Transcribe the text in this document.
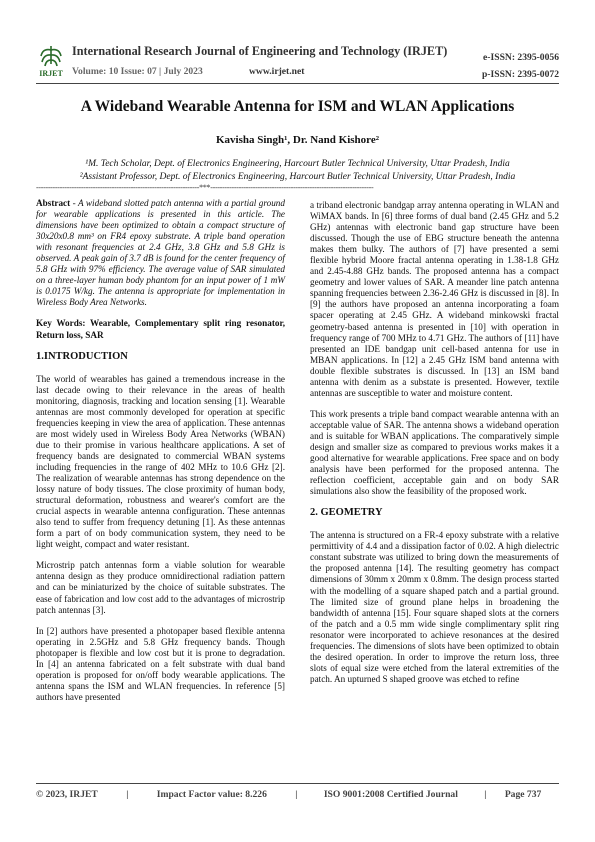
IRJET
International Research Journal of Engineering and Technology (IRJET)
Volume: 10 Issue: 07 | July 2023	www.irjet.net
e-ISSN: 2395-0056
p-ISSN: 2395-0072
A Wideband Wearable Antenna for ISM and WLAN Applications
Kavisha Singh¹, Dr. Nand Kishore²
¹M. Tech Scholar, Dept. of Electronics Engineering, Harcourt Butler Technical University, Uttar Pradesh, India
²Assistant Professor, Dept. of Electronics Engineering, Harcourt Butler Technical University, Uttar Pradesh, India
---------------------------------------------------------------------***---------------------------------------------------------------------

Abstract - A wideband slotted patch antenna with a partial ground for wearable applications is presented in this article. The dimensions have been optimized to obtain a compact structure of 30x20x0.8 mm³ on FR4 epoxy substrate. A triple band operation with resonant frequencies at 2.4 GHz, 3.8 GHz and 5.8 GHz is observed. A peak gain of 3.7 dB is found for the center frequency of 5.8 GHz with 97% efficiency. The average value of SAR simulated on a three-layer human body phantom for an input power of 1 mW is 0.0175 W/kg. The antenna is appropriate for implementation in Wireless Body Area Networks.

Key Words: Wearable, Complementary split ring resonator, Return loss, SAR

1.INTRODUCTION

The world of wearables has gained a tremendous increase in the last decade owing to their relevance in the areas of health monitoring, diagnosis, tracking and location sensing [1]. Wearable antennas are most commonly developed for operation at specific frequencies keeping in view the area of application. These antennas are most widely used in Wireless Body Area Networks (WBAN) due to their promise in various healthcare applications. A set of frequency bands are designated to commercial WBAN systems including frequencies in the range of 402 MHz to 10.6 GHz [2]. The realization of wearable antennas has strong dependence on the lossy nature of body tissues. The close proximity of human body, structural deformation, robustness and wearer's comfort are the crucial aspects in wearable antenna configuration. These antennas also tend to suffer from frequency detuning [1]. As these antennas form a part of on body communication system, they need to be light weight, compact and water resistant.

Microstrip patch antennas form a viable solution for wearable antenna design as they produce omnidirectional radiation pattern and can be miniaturized by the choice of suitable substrates. The ease of fabrication and low cost add to the advantages of microstrip patch antennas [3].

In [2] authors have presented a photopaper based flexible antenna operating in 2.5GHz and 5.8 GHz frequency bands. Though photopaper is flexible and low cost but it is prone to degradation. In [4] an antenna fabricated on a felt substrate with dual band operation is proposed for on/off body wearable applications. The antenna spans the ISM and WLAN frequencies. In reference [5] authors have presented

a triband electronic bandgap array antenna operating in WLAN and WiMAX bands. In [6] three forms of dual band (2.45 GHz and 5.2 GHz) antennas with electronic band gap structure have been discussed. Though the use of EBG structure beneath the antenna makes them bulky. The authors of [7] have presented a semi flexible hybrid Moore fractal antenna operating in 1.38-1.8 GHz and 2.45-4.88 GHz bands. The proposed antenna has a compact geometry and lower values of SAR. A meander line patch antenna spanning frequencies between 2.36-2.46 GHz is discussed in [8]. In [9] the authors have proposed an antenna incorporating a foam spacer operating at 2.45 GHz. A wideband minkowski fractal geometry-based antenna is presented in [10] with operation in frequency range of 700 MHz to 4.71 GHz. The authors of [11] have presented an IDE bandgap unit cell-based antenna for use in MBAN applications. In [12] a 2.45 GHz ISM band antenna with double flexible substrates is discussed. In [13] an ISM band antenna with denim as a substate is presented. However, textile antennas are susceptible to water and moisture content.

This work presents a triple band compact wearable antenna with an acceptable value of SAR. The antenna shows a wideband operation and is suitable for WBAN applications. The comparatively simple design and smaller size as compared to previous works makes it a good alternative for wearable applications. Free space and on body analysis have been performed for the proposed antenna. The reflection coefficient, acceptable gain and on body SAR simulations also show the feasibility of the proposed work.

2. GEOMETRY

The antenna is structured on a FR-4 epoxy substrate with a relative permittivity of 4.4 and a dissipation factor of 0.02. A high dielectric constant substrate was utilized to bring down the measurements of the proposed antenna [14]. The resulting geometry has compact dimensions of 30mm x 20mm x 0.8mm. The design process started with the modelling of a square shaped patch and a partial ground. The limited size of ground plane helps in broadening the bandwidth of antenna [15]. Four square shaped slots at the corners of the patch and a 0.5 mm wide single complimentary split ring resonator were incorporated to achieve resonances at the desired frequencies. The dimensions of slots have been optimized to obtain the desired operation. In order to improve the return loss, three slots of equal size were etched from the lateral extremities of the patch. An upturned S shaped groove was etched to refine

© 2023, IRJET	|	Impact Factor value: 8.226	|	ISO 9001:2008 Certified Journal	| Page 737
